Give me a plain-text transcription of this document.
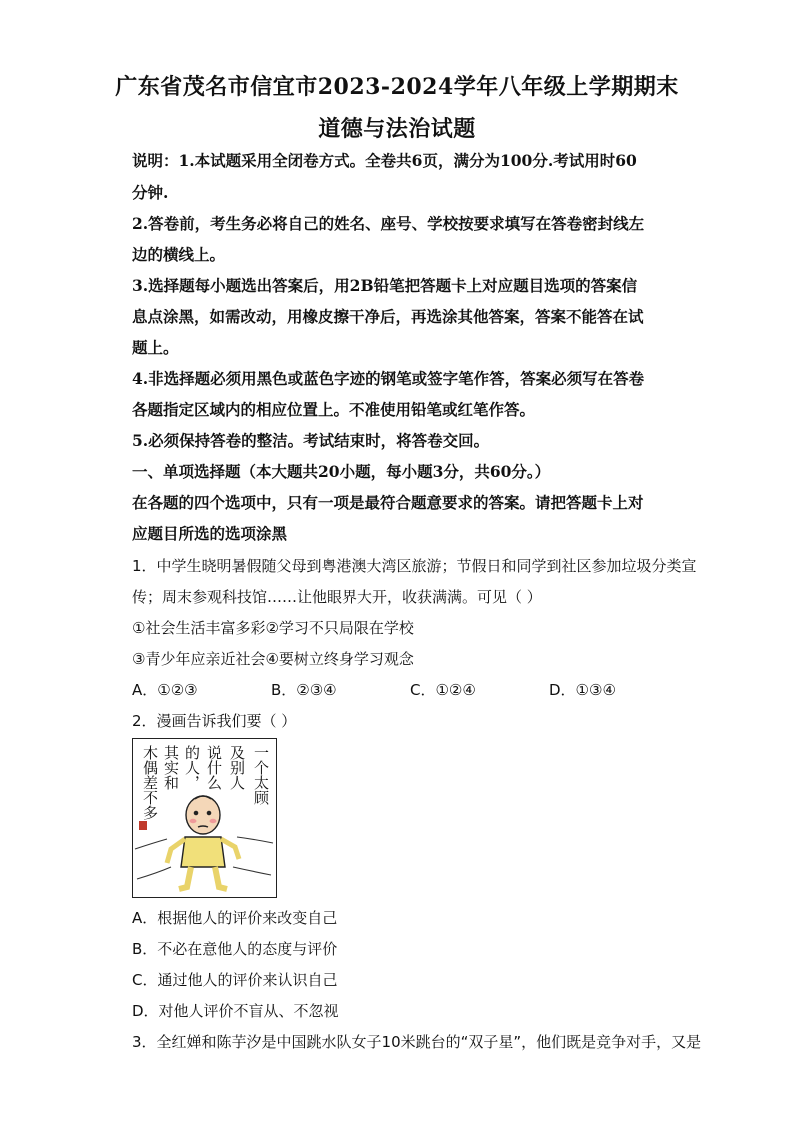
广东省茂名市信宜市2023-2024学年八年级上学期期末
道德与法治试题
说明：1.本试题采用全闭卷方式。全卷共6页，满分为100分.考试用时60
分钟.
2.答卷前，考生务必将自己的姓名、座号、学校按要求填写在答卷密封线左
边的横线上。
3.选择题每小题选出答案后，用2B铅笔把答题卡上对应题目选项的答案信
息点涂黑，如需改动，用橡皮擦干净后，再选涂其他答案，答案不能答在试
题上。
4.非选择题必须用黑色或蓝色字迹的钢笔或签字笔作答，答案必须写在答卷
各题指定区域内的相应位置上。不准使用铅笔或红笔作答。
5.必须保持答卷的整洁。考试结束时，将答卷交回。
一、单项选择题（本大题共20小题，每小题3分，共60分。）
在各题的四个选项中，只有一项是最符合题意要求的答案。请把答题卡上对
应题目所选的选项涂黑
1．中学生晓明暑假随父母到粤港澳大湾区旅游；节假日和同学到社区参加垃圾分类宣
传；周末参观科技馆……让他眼界大开，收获满满。可见（ ）
①社会生活丰富多彩②学习不只局限在学校
③青少年应亲近社会④要树立终身学习观念
A．①②③	B．②③④	C．①②④	D．①③④
2．漫画告诉我们要（ ）
一个太顾
及别人
说什么
的人，
其实和
木偶差不多
A．根据他人的评价来改变自己
B．不必在意他人的态度与评价
C．通过他人的评价来认识自己
D．对他人评价不盲从、不忽视
3．全红婵和陈芋汐是中国跳水队女子10米跳台的“双子星”，他们既是竞争对手，又是
